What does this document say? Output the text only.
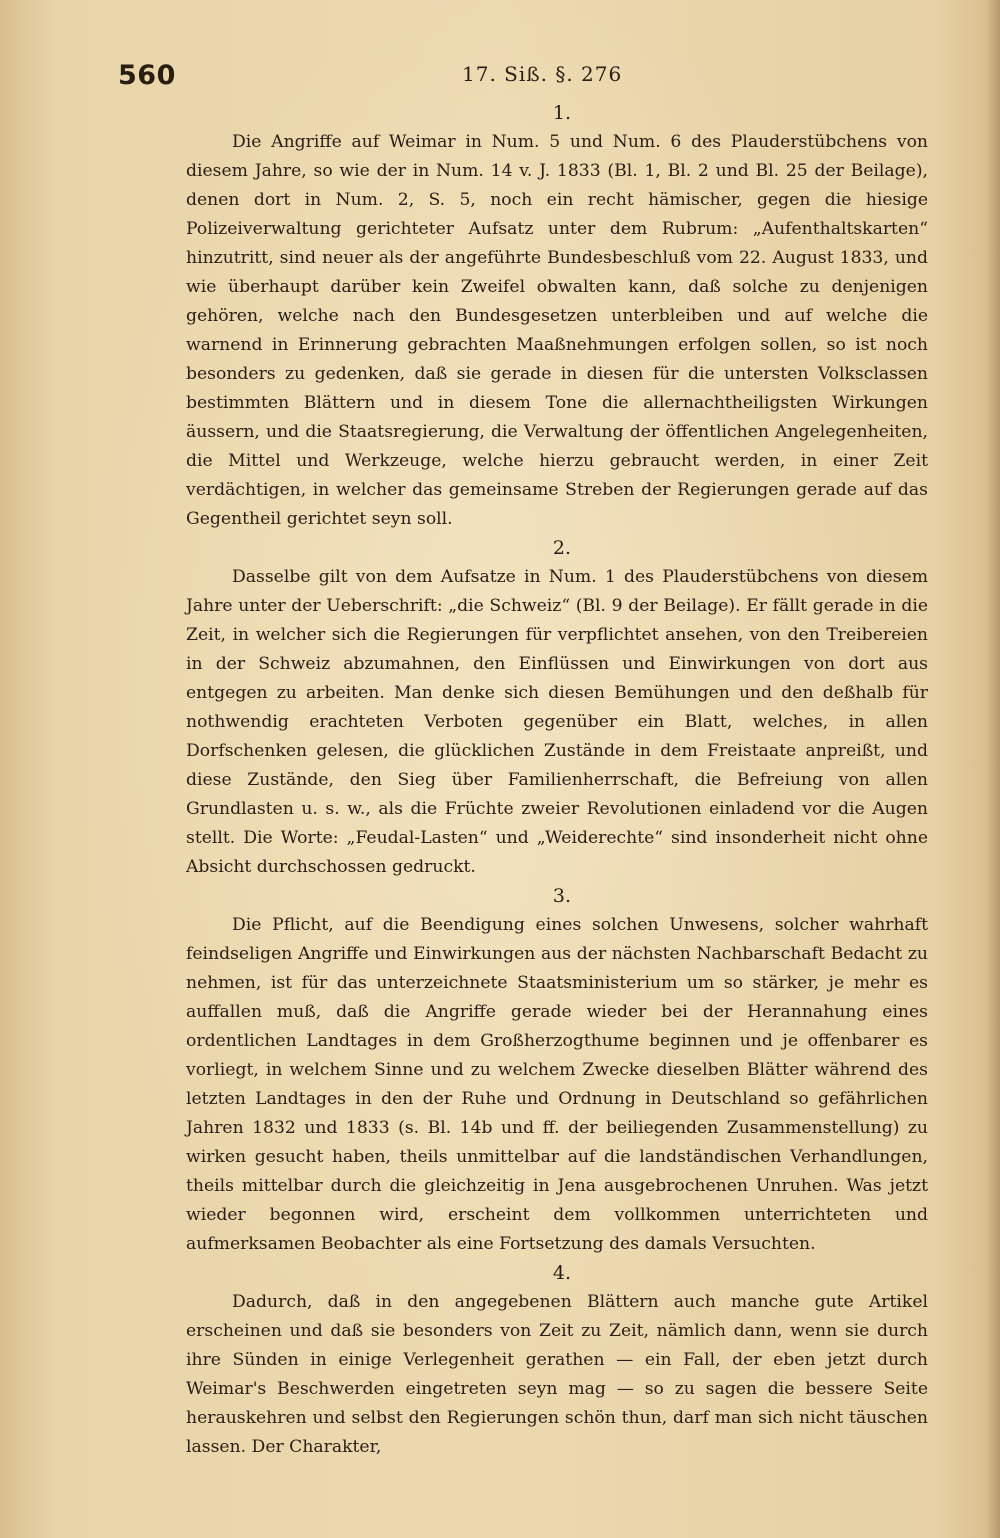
560	17. Siß. §. 276
1.

Die Angriffe auf Weimar in Num. 5 und Num. 6 des Plauderstübchens von diesem Jahre, so wie der in Num. 14 v. J. 1833 (Bl. 1, Bl. 2 und Bl. 25 der Beilage), denen dort in Num. 2, S. 5, noch ein recht hämischer, gegen die hiesige Polizeiverwaltung gerichteter Aufsatz unter dem Rubrum: „Aufenthaltskarten“ hinzutritt, sind neuer als der angeführte Bundesbeschluß vom 22. August 1833, und wie überhaupt darüber kein Zweifel obwalten kann, daß solche zu denjenigen gehören, welche nach den Bundesgesetzen unterbleiben und auf welche die warnend in Erinnerung gebrachten Maaßnehmungen erfolgen sollen, so ist noch besonders zu gedenken, daß sie gerade in diesen für die untersten Volksclassen bestimmten Blättern und in diesem Tone die allernachtheiligsten Wirkungen äussern, und die Staatsregierung, die Verwaltung der öffentlichen Angelegenheiten, die Mittel und Werkzeuge, welche hierzu gebraucht werden, in einer Zeit verdächtigen, in welcher das gemeinsame Streben der Regierungen gerade auf das Gegentheil gerichtet seyn soll.

2.

Dasselbe gilt von dem Aufsatze in Num. 1 des Plauderstübchens von diesem Jahre unter der Ueberschrift: „die Schweiz“ (Bl. 9 der Beilage). Er fällt gerade in die Zeit, in welcher sich die Regierungen für verpflichtet ansehen, von den Treibereien in der Schweiz abzumahnen, den Einflüssen und Einwirkungen von dort aus entgegen zu arbeiten. Man denke sich diesen Bemühungen und den deßhalb für nothwendig erachteten Verboten gegenüber ein Blatt, welches, in allen Dorfschenken gelesen, die glücklichen Zustände in dem Freistaate anpreißt, und diese Zustände, den Sieg über Familienherrschaft, die Befreiung von allen Grundlasten u. s. w., als die Früchte zweier Revolutionen einladend vor die Augen stellt. Die Worte: „Feudal-Lasten“ und „Weiderechte“ sind insonderheit nicht ohne Absicht durchschossen gedruckt.

3.

Die Pflicht, auf die Beendigung eines solchen Unwesens, solcher wahrhaft feindseligen Angriffe und Einwirkungen aus der nächsten Nachbarschaft Bedacht zu nehmen, ist für das unterzeichnete Staatsministerium um so stärker, je mehr es auffallen muß, daß die Angriffe gerade wieder bei der Herannahung eines ordentlichen Landtages in dem Großherzogthume beginnen und je offenbarer es vorliegt, in welchem Sinne und zu welchem Zwecke dieselben Blätter während des letzten Landtages in den der Ruhe und Ordnung in Deutschland so gefährlichen Jahren 1832 und 1833 (s. Bl. 14b und ff. der beiliegenden Zusammenstellung) zu wirken gesucht haben, theils unmittelbar auf die landständischen Verhandlungen, theils mittelbar durch die gleichzeitig in Jena ausgebrochenen Unruhen. Was jetzt wieder begonnen wird, erscheint dem vollkommen unterrichteten und aufmerksamen Beobachter als eine Fortsetzung des damals Versuchten.

4.

Dadurch, daß in den angegebenen Blättern auch manche gute Artikel erscheinen und daß sie besonders von Zeit zu Zeit, nämlich dann, wenn sie durch ihre Sünden in einige Verlegenheit gerathen — ein Fall, der eben jetzt durch Weimar's Beschwerden eingetreten seyn mag — so zu sagen die bessere Seite herauskehren und selbst den Regierungen schön thun, darf man sich nicht täuschen lassen. Der Charakter,
